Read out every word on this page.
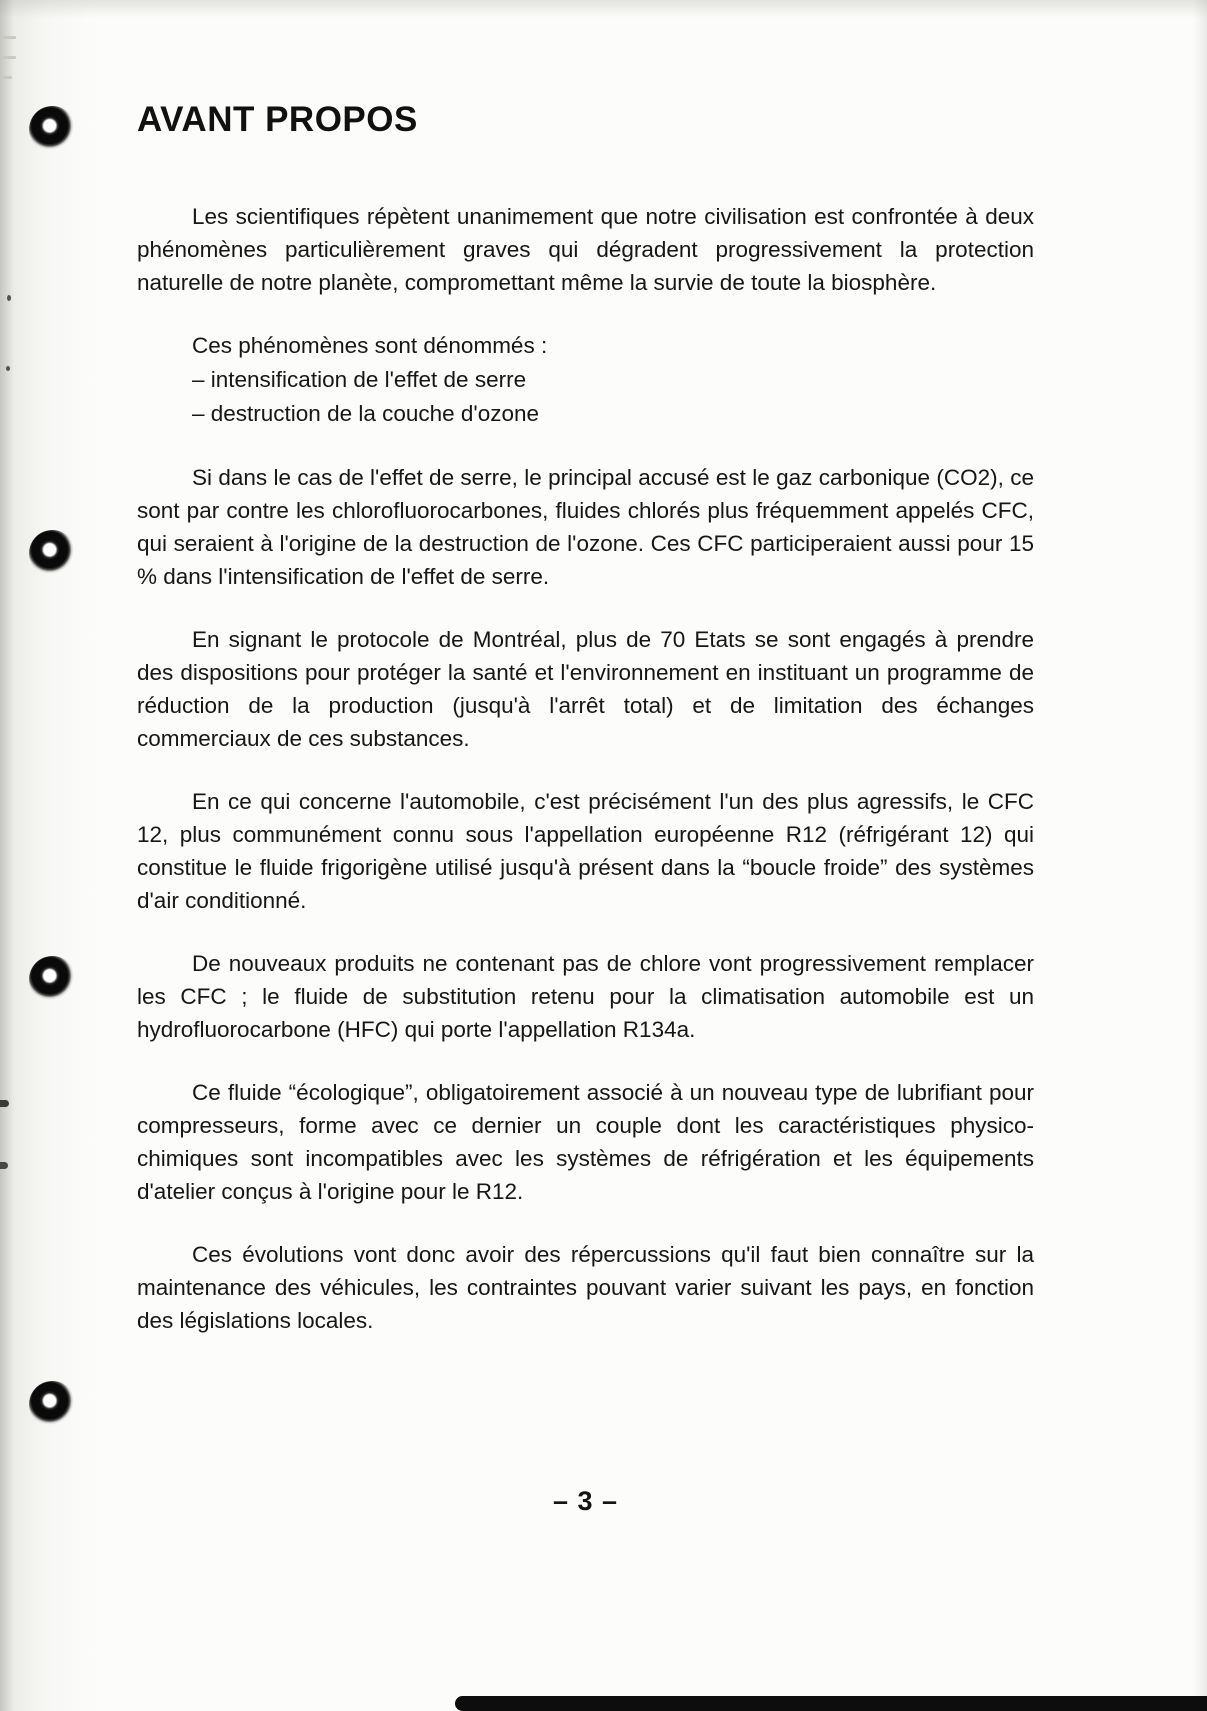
AVANT PROPOS

Les scientifiques répètent unanimement que notre civilisation est confrontée à deux phénomènes particulièrement graves qui dégradent progressivement la protection naturelle de notre planète, compromettant même la survie de toute la biosphère.

Ces phénomènes sont dénommés :

– intensification de l'effet de serre

– destruction de la couche d'ozone

Si dans le cas de l'effet de serre, le principal accusé est le gaz carbonique (CO2), ce sont par contre les chlorofluorocarbones, fluides chlorés plus fréquemment appelés CFC, qui seraient à l'origine de la destruction de l'ozone. Ces CFC participeraient aussi pour 15 % dans l'intensification de l'effet de serre.

En signant le protocole de Montréal, plus de 70 Etats se sont engagés à prendre des dispositions pour protéger la santé et l'environnement en instituant un programme de réduction de la production (jusqu'à l'arrêt total) et de limitation des échanges commerciaux de ces substances.

En ce qui concerne l'automobile, c'est précisément l'un des plus agressifs, le CFC 12, plus communément connu sous l'appellation européenne R12 (réfrigérant 12) qui constitue le fluide frigorigène utilisé jusqu'à présent dans la “boucle froide” des systèmes d'air conditionné.

De nouveaux produits ne contenant pas de chlore vont progressivement remplacer les CFC ; le fluide de substitution retenu pour la climatisation automobile est un hydrofluorocarbone (HFC) qui porte l'appellation R134a.

Ce fluide “écologique”, obligatoirement associé à un nouveau type de lubrifiant pour compresseurs, forme avec ce dernier un couple dont les caractéristiques physico-chimiques sont incompatibles avec les systèmes de réfrigération et les équipements d'atelier conçus à l'origine pour le R12.

Ces évolutions vont donc avoir des répercussions qu'il faut bien connaître sur la maintenance des véhicules, les contraintes pouvant varier suivant les pays, en fonction des législations locales.

– 3 –
